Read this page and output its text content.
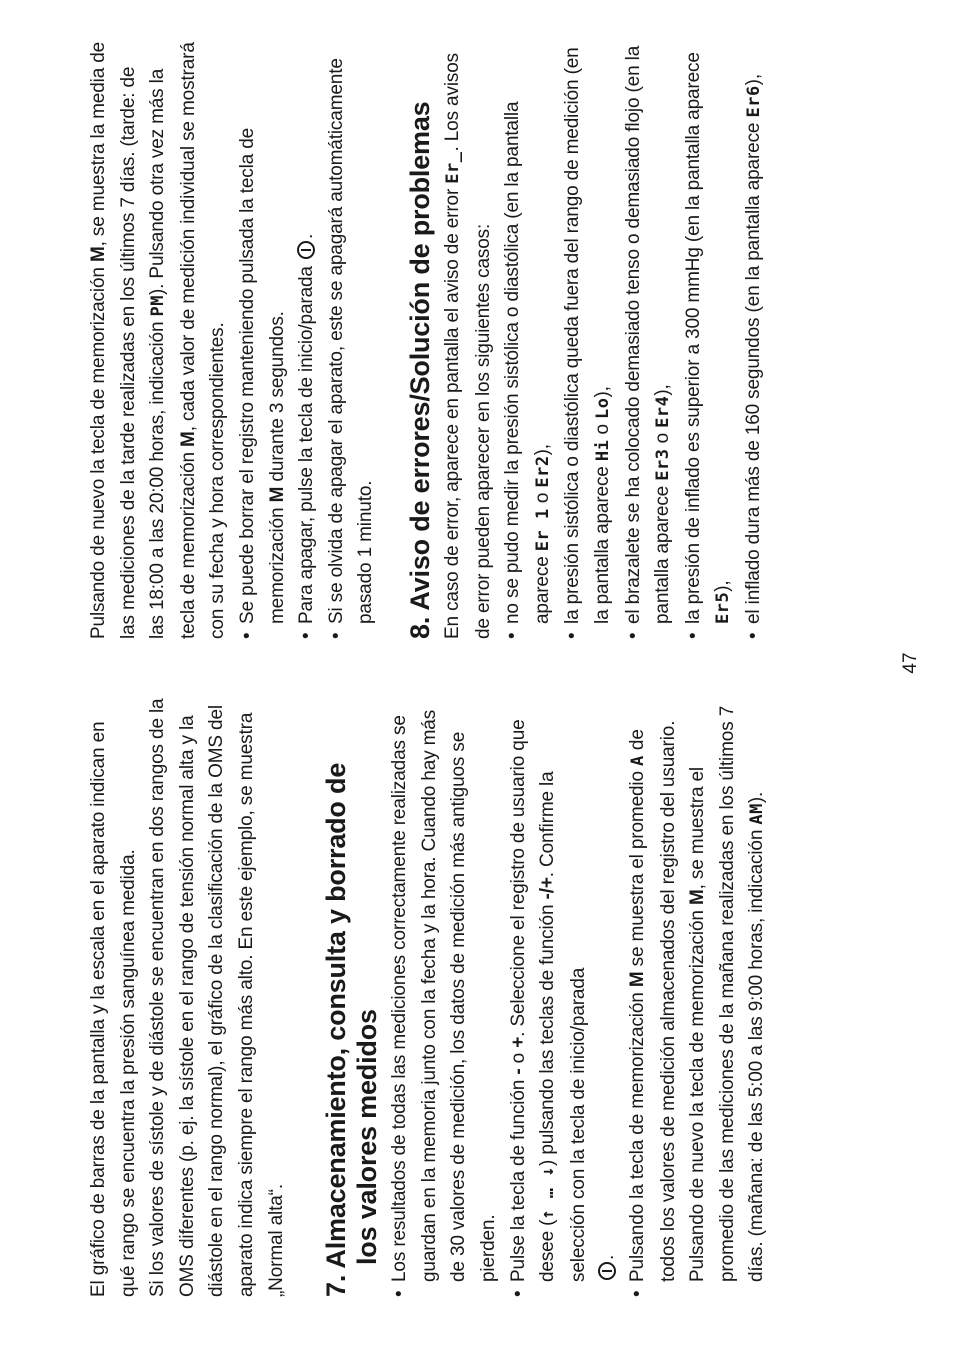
El gráfico de barras de la pantalla y la escala en el aparato indican en qué rango se encuentra la presión sanguínea medida. Si los valores de sístole y de diástole se encuentran en dos rangos de la OMS diferentes (p. ej. la sístole en el rango de tensión normal alta y la diástole en el rango normal), el gráfico de la clasificación de la OMS del aparato indica siempre el rango más alto. En este ejemplo, se muestra „Normal alta“. 7. Almacenamiento, consulta y borrado de los valores medidos • Los resultados de todas las mediciones correctamente realizadas se guardan en la memoria junto con la fecha y la hora. Cuando hay más de 30 valores de medición, los datos de medición más antiguos se pierden. • Pulse la tecla de función - o +. Seleccione el registro de usuario que desee (↑ … ↓) pulsando las teclas de función -/+. Confirme la selección con la tecla de inicio/parada . • Pulsando la tecla de memorización M se muestra el promedio A de todos los valores de medición almacenados del registro del usuario. Pulsando de nuevo la tecla de memorización M, se muestra el promedio de las mediciones de la mañana realizadas en los últimos 7 días. (mañana: de las 5:00 a las 9:00 horas, indicación AM).

Pulsando de nuevo la tecla de memorización M, se muestra la media de las mediciones de la tarde realizadas en los últimos 7 días. (tarde: de las 18:00 a las 20:00 horas, indicación PM). Pulsando otra vez más la tecla de memorización M, cada valor de medición individual se mostrará con su fecha y hora correspondientes. • Se puede borrar el registro manteniendo pulsada la tecla de memorización M durante 3 segundos. • Para apagar, pulse la tecla de inicio/parada . • Si se olvida de apagar el aparato, este se apagará automáticamente pasado 1 minuto. 8. Aviso de errores/Solución de problemas En caso de error, aparece en pantalla el aviso de error Er_. Los avisos de error pueden aparecer en los siguientes casos: • no se pudo medir la presión sistólica o diastólica (en la pantalla aparece Er 1 o Er2), • la presión sistólica o diastólica queda fuera del rango de medición (en la pantalla aparece Hi o Lo), • el brazalete se ha colocado demasiado tenso o demasiado flojo (en la pantalla aparece Er3 o Er4), • la presión de inflado es superior a 300 mmHg (en la pantalla aparece Er5), • el inflado dura más de 160 segundos (en la pantalla aparece Er6),
47
